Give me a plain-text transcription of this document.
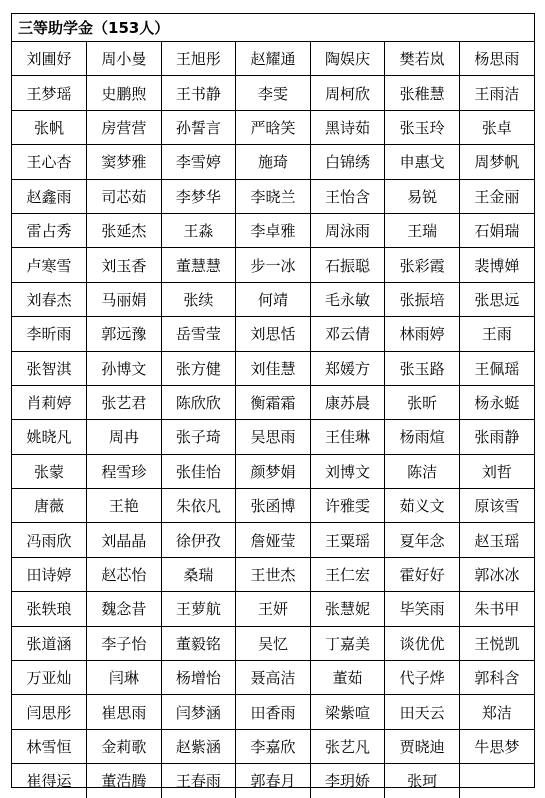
三等助学金（153人）
刘圃妤	周小曼	王旭彤	赵耀通	陶娱庆	樊若岚	杨思雨
王梦瑶	史鹏煦	王书静	李雯	周柯欣	张稚慧	王雨洁
张帆	房营营	孙誓言	严晗笑	黑诗茹	张玉玲	张卓
王心杏	窦梦雅	李雪婷	施琦	白锦绣	申惠戈	周梦帆
赵鑫雨	司芯茹	李梦华	李晓兰	王怡含	易锐	王金丽
雷占秀	张延杰	王淼	李卓雅	周泳雨	王瑞	石娟瑞
卢寒雪	刘玉香	董慧慧	步一冰	石振聪	张彩霞	裴博婵
刘春杰	马丽娟	张续	何靖	毛永敏	张振培	张思远
李昕雨	郭远豫	岳雪莹	刘思恬	邓云倩	林雨婷	王雨
张智淇	孙博文	张方健	刘佳慧	郑媛方	张玉路	王佩瑶
肖莉婷	张艺君	陈欣欣	衡霜霜	康苏晨	张昕	杨永蜓
姚晓凡	周冉	张子琦	吴思雨	王佳琳	杨雨煊	张雨静
张蒙	程雪珍	张佳怡	颜梦娟	刘博文	陈洁	刘哲
唐薇	王艳	朱依凡	张函博	许雅雯	茹义文	原该雪
冯雨欣	刘晶晶	徐伊孜	詹娅莹	王粟瑶	夏年念	赵玉瑶
田诗婷	赵芯怡	桑瑞	王世杰	王仁宏	霍好好	郭冰冰
张轶琅	魏念昔	王萝航	王妍	张慧妮	毕笑雨	朱书甲
张道涵	李子怡	董毅铭	吴忆	丁嘉美	谈优优	王悦凯
万亚灿	闫琳	杨增怡	聂高洁	董茹	代子烨	郭科含
闫思彤	崔思雨	闫梦涵	田香雨	梁紫喧	田天云	郑洁
林雪恒	金莉歌	赵紫涵	李嘉欣	张艺凡	贾晓迪	牛思梦
崔得运	董浩腾	王春雨	郭春月	李玥娇	张珂	
